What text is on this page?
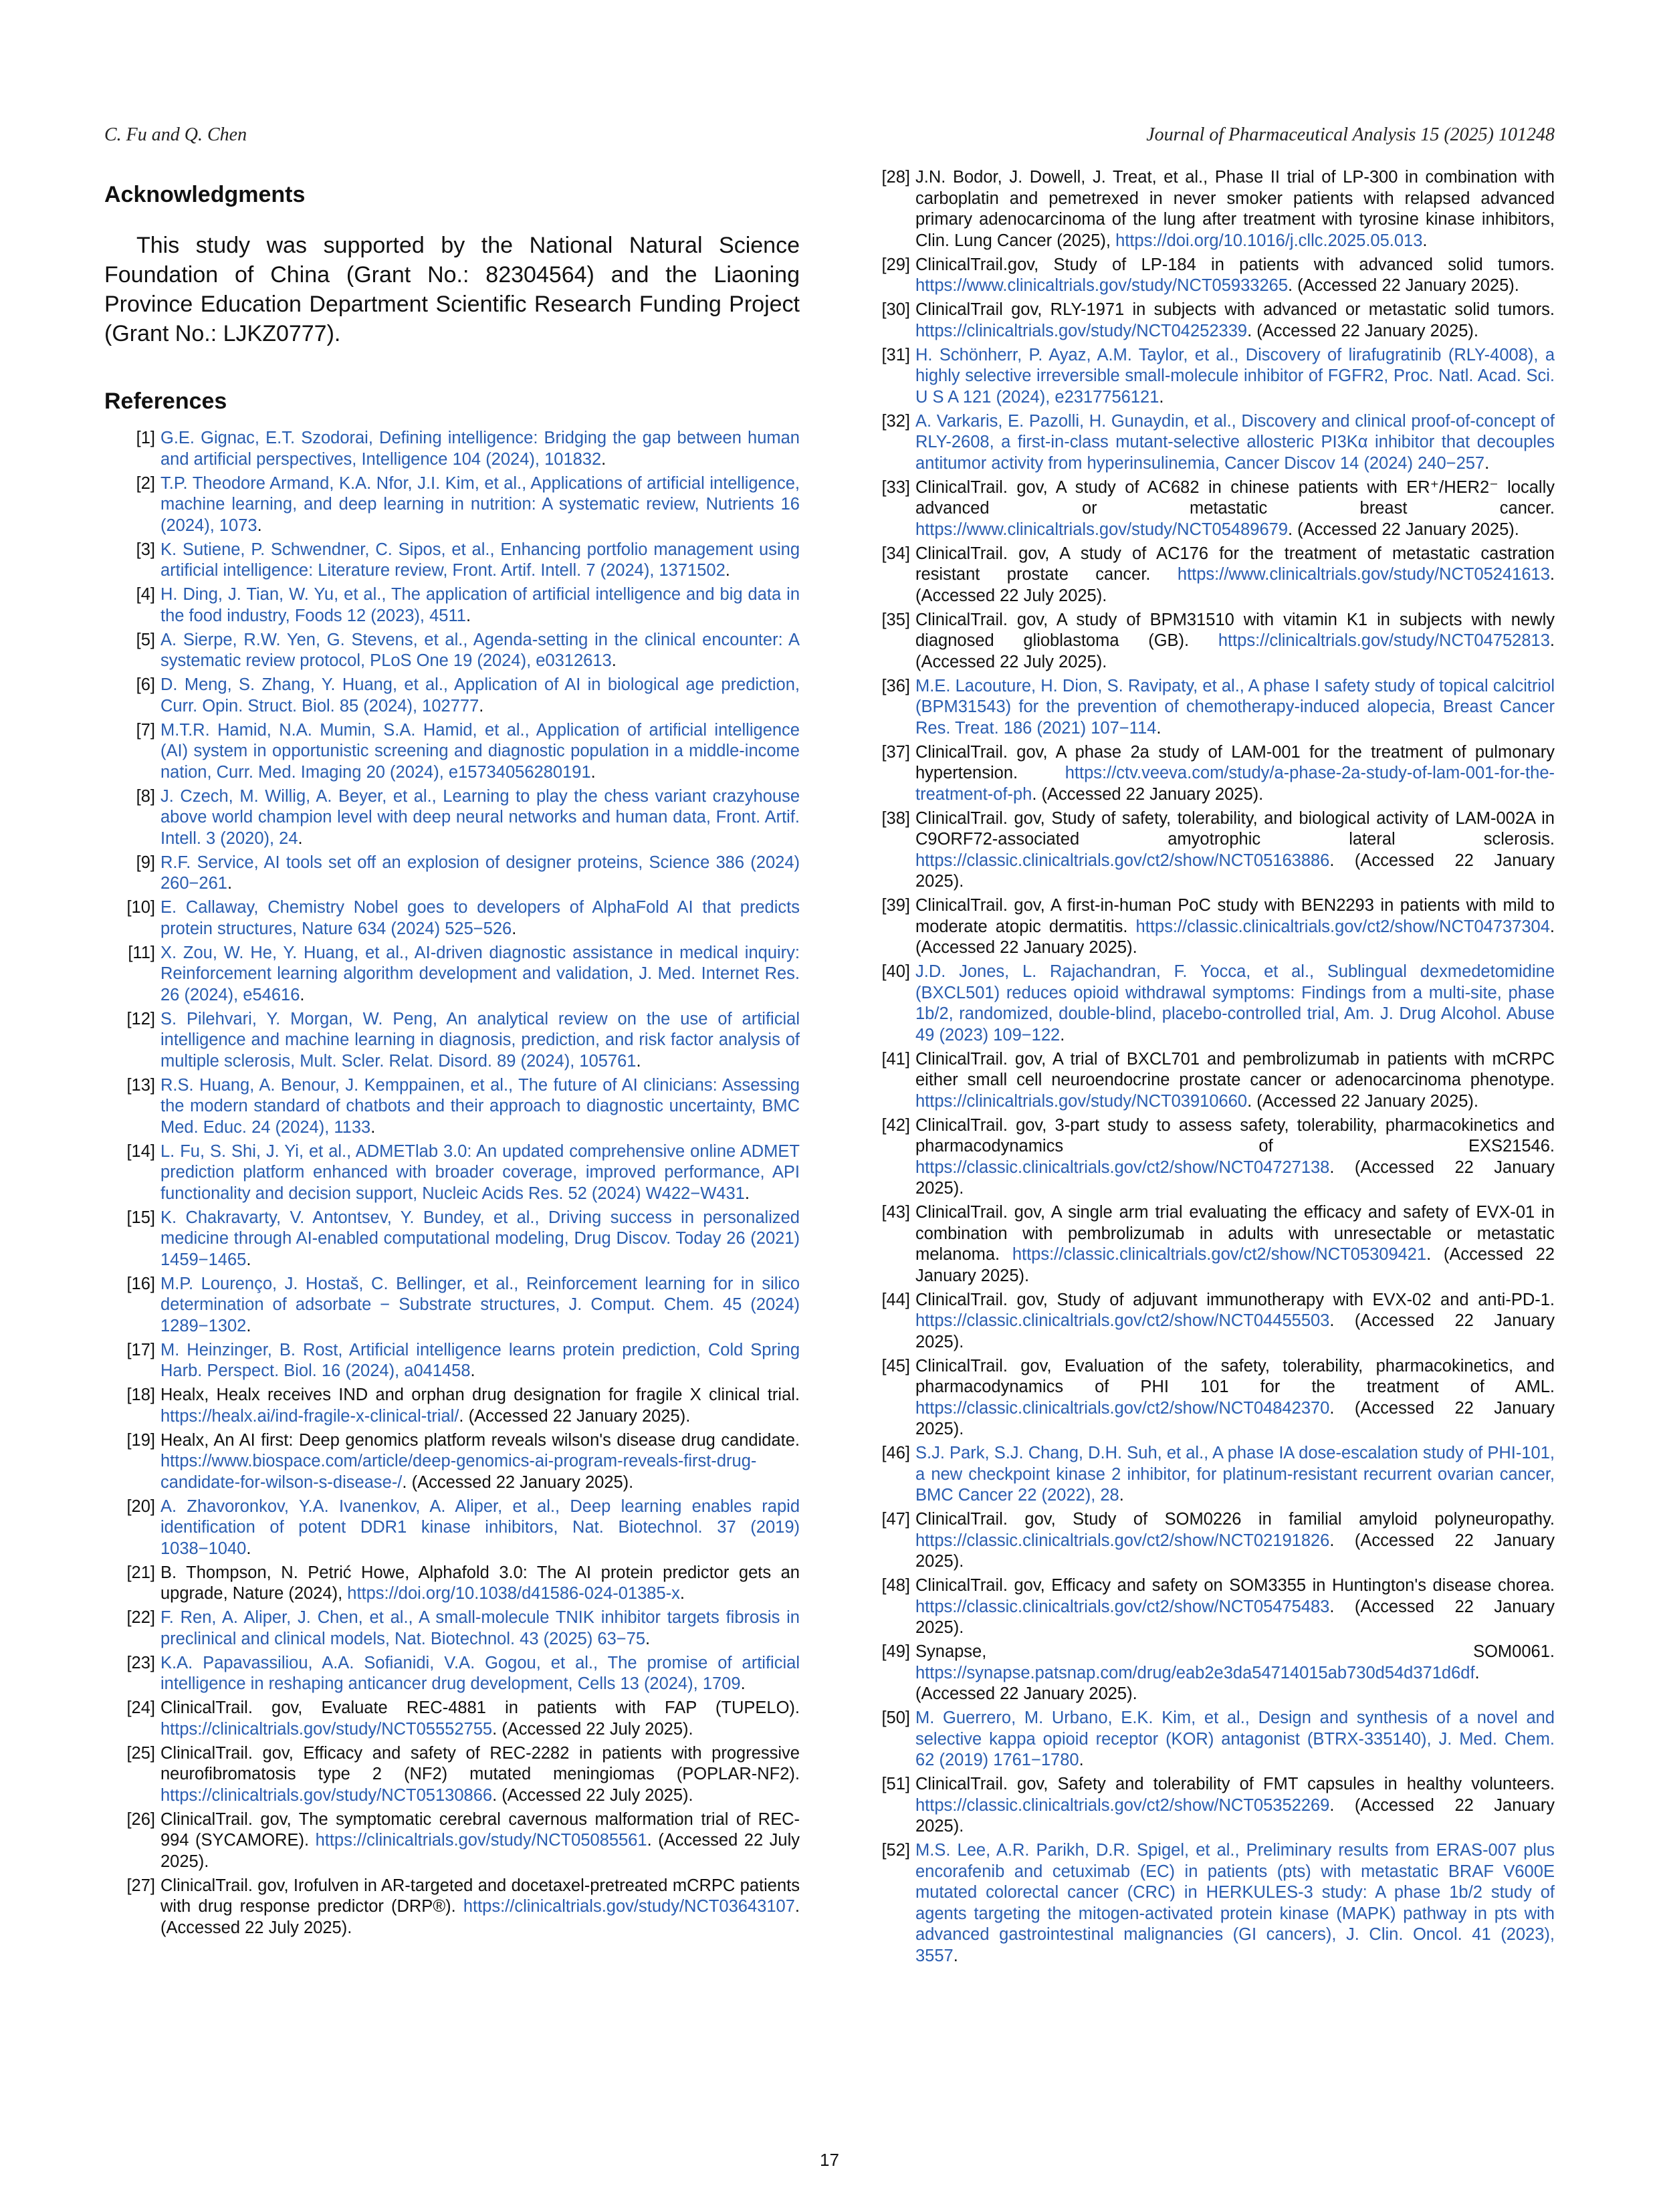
C. Fu and Q. Chen	Journal of Pharmaceutical Analysis 15 (2025) 101248
Acknowledgments

This study was supported by the National Natural Science Foundation of China (Grant No.: 82304564) and the Liaoning Province Education Department Scientific Research Funding Project (Grant No.: LJKZ0777).

References
[ 1 ] G.E. Gignac, E.T. Szodorai, Defining intelligence: Bridging the gap between human and artificial perspectives, Intelligence 104 (2024), 101832.
[ 2 ] T.P. Theodore Armand, K.A. Nfor, J.I. Kim, et al., Applications of artificial intelligence, machine learning, and deep learning in nutrition: A systematic review, Nutrients 16 (2024), 1073.
[ 3 ] K. Sutiene, P. Schwendner, C. Sipos, et al., Enhancing portfolio management using artificial intelligence: Literature review, Front. Artif. Intell. 7 (2024), 1371502.
[ 4 ] H. Ding, J. Tian, W. Yu, et al., The application of artificial intelligence and big data in the food industry, Foods 12 (2023), 4511.
[ 5 ] A. Sierpe, R.W. Yen, G. Stevens, et al., Agenda-setting in the clinical encounter: A systematic review protocol, PLoS One 19 (2024), e0312613.
[ 6 ] D. Meng, S. Zhang, Y. Huang, et al., Application of AI in biological age prediction, Curr. Opin. Struct. Biol. 85 (2024), 102777.
[ 7 ] M.T.R. Hamid, N.A. Mumin, S.A. Hamid, et al., Application of artificial intelligence (AI) system in opportunistic screening and diagnostic population in a middle-income nation, Curr. Med. Imaging 20 (2024), e15734056280191.
[ 8 ] J. Czech, M. Willig, A. Beyer, et al., Learning to play the chess variant crazyhouse above world champion level with deep neural networks and human data, Front. Artif. Intell. 3 (2020), 24.
[ 9 ] R.F. Service, AI tools set off an explosion of designer proteins, Science 386 (2024) 260−261.
[ 10 ] E. Callaway, Chemistry Nobel goes to developers of AlphaFold AI that predicts protein structures, Nature 634 (2024) 525−526.
[ 11 ] X. Zou, W. He, Y. Huang, et al., AI-driven diagnostic assistance in medical inquiry: Reinforcement learning algorithm development and validation, J. Med. Internet Res. 26 (2024), e54616.
[ 12 ] S. Pilehvari, Y. Morgan, W. Peng, An analytical review on the use of artificial intelligence and machine learning in diagnosis, prediction, and risk factor analysis of multiple sclerosis, Mult. Scler. Relat. Disord. 89 (2024), 105761.
[ 13 ] R.S. Huang, A. Benour, J. Kemppainen, et al., The future of AI clinicians: Assessing the modern standard of chatbots and their approach to diagnostic uncertainty, BMC Med. Educ. 24 (2024), 1133.
[ 14 ] L. Fu, S. Shi, J. Yi, et al., ADMETlab 3.0: An updated comprehensive online ADMET prediction platform enhanced with broader coverage, improved performance, API functionality and decision support, Nucleic Acids Res. 52 (2024) W422−W431.
[ 15 ] K. Chakravarty, V. Antontsev, Y. Bundey, et al., Driving success in personalized medicine through AI-enabled computational modeling, Drug Discov. Today 26 (2021) 1459−1465.
[ 16 ] M.P. Lourenço, J. Hostaš, C. Bellinger, et al., Reinforcement learning for in silico determination of adsorbate − Substrate structures, J. Comput. Chem. 45 (2024) 1289−1302.
[ 17 ] M. Heinzinger, B. Rost, Artificial intelligence learns protein prediction, Cold Spring Harb. Perspect. Biol. 16 (2024), a041458.
[ 18 ] Healx, Healx receives IND and orphan drug designation for fragile X clinical trial. https://healx.ai/ind-fragile-x-clinical-trial/. (Accessed 22 January 2025).
[ 19 ] Healx, An AI first: Deep genomics platform reveals wilson's disease drug candidate. https://www.biospace.com/article/deep-genomics-ai-program-reveals-first-drug-candidate-for-wilson-s-disease-/. (Accessed 22 January 2025).
[ 20 ] A. Zhavoronkov, Y.A. Ivanenkov, A. Aliper, et al., Deep learning enables rapid identification of potent DDR1 kinase inhibitors, Nat. Biotechnol. 37 (2019) 1038−1040.
[ 21 ] B. Thompson, N. Petrić Howe, Alphafold 3.0: The AI protein predictor gets an upgrade, Nature (2024), https://doi.org/10.1038/d41586-024-01385-x.
[ 22 ] F. Ren, A. Aliper, J. Chen, et al., A small-molecule TNIK inhibitor targets fibrosis in preclinical and clinical models, Nat. Biotechnol. 43 (2025) 63−75.
[ 23 ] K.A. Papavassiliou, A.A. Sofianidi, V.A. Gogou, et al., The promise of artificial intelligence in reshaping anticancer drug development, Cells 13 (2024), 1709.
[ 24 ] ClinicalTrail. gov, Evaluate REC-4881 in patients with FAP (TUPELO). https://clinicaltrials.gov/study/NCT05552755. (Accessed 22 July 2025).
[ 25 ] ClinicalTrail. gov, Efficacy and safety of REC-2282 in patients with progressive neurofibromatosis type 2 (NF2) mutated meningiomas (POPLAR-NF2). https://clinicaltrials.gov/study/NCT05130866. (Accessed 22 July 2025).
[ 26 ] ClinicalTrail. gov, The symptomatic cerebral cavernous malformation trial of REC-994 (SYCAMORE). https://clinicaltrials.gov/study/NCT05085561. (Accessed 22 July 2025).
[ 27 ] ClinicalTrail. gov, Irofulven in AR-targeted and docetaxel-pretreated mCRPC patients with drug response predictor (DRP®). https://clinicaltrials.gov/study/NCT03643107. (Accessed 22 July 2025).
[ 28 ] J.N. Bodor, J. Dowell, J. Treat, et al., Phase II trial of LP-300 in combination with carboplatin and pemetrexed in never smoker patients with relapsed advanced primary adenocarcinoma of the lung after treatment with tyrosine kinase inhibitors, Clin. Lung Cancer (2025), https://doi.org/10.1016/j.cllc.2025.05.013.
[ 29 ] ClinicalTrail.gov, Study of LP-184 in patients with advanced solid tumors. https://www.clinicaltrials.gov/study/NCT05933265. (Accessed 22 January 2025).
[ 30 ] ClinicalTrail gov, RLY-1971 in subjects with advanced or metastatic solid tumors. https://clinicaltrials.gov/study/NCT04252339. (Accessed 22 January 2025).
[ 31 ] H. Schönherr, P. Ayaz, A.M. Taylor, et al., Discovery of lirafugratinib (RLY-4008), a highly selective irreversible small-molecule inhibitor of FGFR2, Proc. Natl. Acad. Sci. U S A 121 (2024), e2317756121.
[ 32 ] A. Varkaris, E. Pazolli, H. Gunaydin, et al., Discovery and clinical proof-of-concept of RLY-2608, a first-in-class mutant-selective allosteric PI3Kα inhibitor that decouples antitumor activity from hyperinsulinemia, Cancer Discov 14 (2024) 240−257.
[ 33 ] ClinicalTrail. gov, A study of AC682 in chinese patients with ER⁺/HER2⁻ locally advanced or metastatic breast cancer. https://www.clinicaltrials.gov/study/NCT05489679. (Accessed 22 January 2025).
[ 34 ] ClinicalTrail. gov, A study of AC176 for the treatment of metastatic castration resistant prostate cancer. https://www.clinicaltrials.gov/study/NCT05241613. (Accessed 22 July 2025).
[ 35 ] ClinicalTrail. gov, A study of BPM31510 with vitamin K1 in subjects with newly diagnosed glioblastoma (GB). https://clinicaltrials.gov/study/NCT04752813. (Accessed 22 July 2025).
[ 36 ] M.E. Lacouture, H. Dion, S. Ravipaty, et al., A phase I safety study of topical calcitriol (BPM31543) for the prevention of chemotherapy-induced alopecia, Breast Cancer Res. Treat. 186 (2021) 107−114.
[ 37 ] ClinicalTrail. gov, A phase 2a study of LAM-001 for the treatment of pulmonary hypertension. https://ctv.veeva.com/study/a-phase-2a-study-of-lam-001-for-the-treatment-of-ph. (Accessed 22 January 2025).
[ 38 ] ClinicalTrail. gov, Study of safety, tolerability, and biological activity of LAM-002A in C9ORF72-associated amyotrophic lateral sclerosis. https://classic.clinicaltrials.gov/ct2/show/NCT05163886. (Accessed 22 January 2025).
[ 39 ] ClinicalTrail. gov, A first-in-human PoC study with BEN2293 in patients with mild to moderate atopic dermatitis. https://classic.clinicaltrials.gov/ct2/show/NCT04737304. (Accessed 22 January 2025).
[ 40 ] J.D. Jones, L. Rajachandran, F. Yocca, et al., Sublingual dexmedetomidine (BXCL501) reduces opioid withdrawal symptoms: Findings from a multi-site, phase 1b/2, randomized, double-blind, placebo-controlled trial, Am. J. Drug Alcohol. Abuse 49 (2023) 109−122.
[ 41 ] ClinicalTrail. gov, A trial of BXCL701 and pembrolizumab in patients with mCRPC either small cell neuroendocrine prostate cancer or adenocarcinoma phenotype. https://clinicaltrials.gov/study/NCT03910660. (Accessed 22 January 2025).
[ 42 ] ClinicalTrail. gov, 3-part study to assess safety, tolerability, pharmacokinetics and pharmacodynamics of EXS21546. https://classic.clinicaltrials.gov/ct2/show/NCT04727138. (Accessed 22 January 2025).
[ 43 ] ClinicalTrail. gov, A single arm trial evaluating the efficacy and safety of EVX-01 in combination with pembrolizumab in adults with unresectable or metastatic melanoma. https://classic.clinicaltrials.gov/ct2/show/NCT05309421. (Accessed 22 January 2025).
[ 44 ] ClinicalTrail. gov, Study of adjuvant immunotherapy with EVX-02 and anti-PD-1. https://classic.clinicaltrials.gov/ct2/show/NCT04455503. (Accessed 22 January 2025).
[ 45 ] ClinicalTrail. gov, Evaluation of the safety, tolerability, pharmacokinetics, and pharmacodynamics of PHI 101 for the treatment of AML. https://classic.clinicaltrials.gov/ct2/show/NCT04842370. (Accessed 22 January 2025).
[ 46 ] S.J. Park, S.J. Chang, D.H. Suh, et al., A phase IA dose-escalation study of PHI-101, a new checkpoint kinase 2 inhibitor, for platinum-resistant recurrent ovarian cancer, BMC Cancer 22 (2022), 28.
[ 47 ] ClinicalTrail. gov, Study of SOM0226 in familial amyloid polyneuropathy. https://classic.clinicaltrials.gov/ct2/show/NCT02191826. (Accessed 22 January 2025).
[ 48 ] ClinicalTrail. gov, Efficacy and safety on SOM3355 in Huntington's disease chorea. https://classic.clinicaltrials.gov/ct2/show/NCT05475483. (Accessed 22 January 2025).
[ 49 ] Synapse, SOM0061. https://synapse.patsnap.com/drug/eab2e3da54714015ab730d54d371d6df. (Accessed 22 January 2025).
[ 50 ] M. Guerrero, M. Urbano, E.K. Kim, et al., Design and synthesis of a novel and selective kappa opioid receptor (KOR) antagonist (BTRX-335140), J. Med. Chem. 62 (2019) 1761−1780.
[ 51 ] ClinicalTrail. gov, Safety and tolerability of FMT capsules in healthy volunteers. https://classic.clinicaltrials.gov/ct2/show/NCT05352269. (Accessed 22 January 2025).
[ 52 ] M.S. Lee, A.R. Parikh, D.R. Spigel, et al., Preliminary results from ERAS-007 plus encorafenib and cetuximab (EC) in patients (pts) with metastatic BRAF V600E mutated colorectal cancer (CRC) in HERKULES-3 study: A phase 1b/2 study of agents targeting the mitogen-activated protein kinase (MAPK) pathway in pts with advanced gastrointestinal malignancies (GI cancers), J. Clin. Oncol. 41 (2023), 3557.
17
